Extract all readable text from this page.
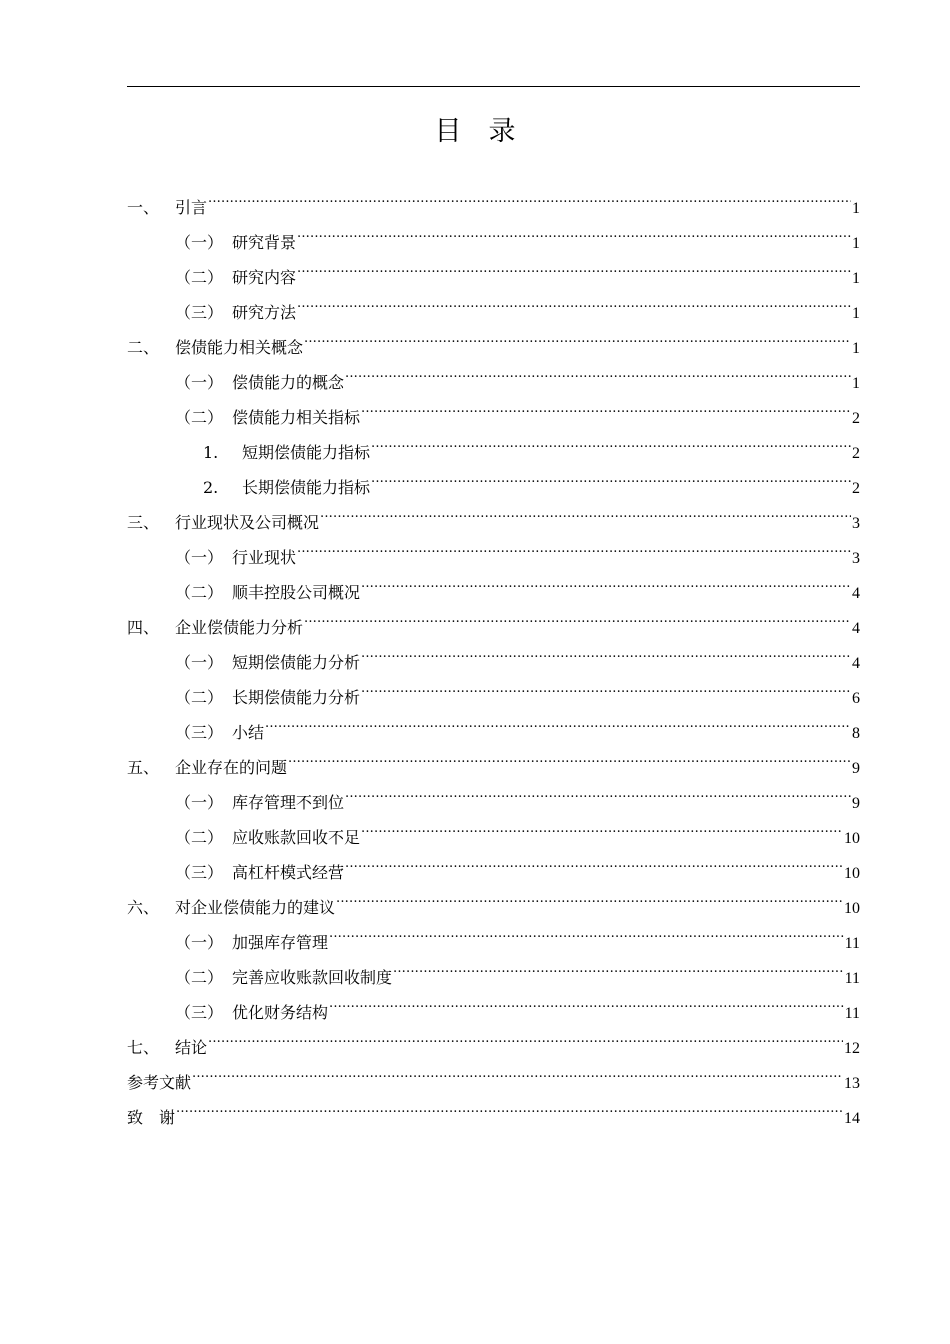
目　录
一、 引言 .....	1
（一） 研究背景 .....	1
（二） 研究内容 .....	1
（三） 研究方法 .....	1
二、 偿债能力相关概念 .....	1
（一） 偿债能力的概念 .....	1
（二） 偿债能力相关指标 .....	2
1.	短期偿债能力指标 .....	2
2.	长期偿债能力指标 .....	2
三、 行业现状及公司概况 .....	3
（一） 行业现状 .....	3
（二） 顺丰控股公司概况 .....	4
四、 企业偿债能力分析 .....	4
（一） 短期偿债能力分析 .....	4
（二） 长期偿债能力分析 .....	6
（三） 小结 .....	8
五、 企业存在的问题 .....	9
（一） 库存管理不到位 .....	9
（二） 应收账款回收不足 .....	10
（三） 高杠杆模式经营 .....	10
六、 对企业偿债能力的建议 .....	10
（一） 加强库存管理 .....	11
（二） 完善应收账款回收制度 .....	11
（三） 优化财务结构 .....	11
七、 结论 .....	12
参考文献 .....	13
致　谢 .....	14
